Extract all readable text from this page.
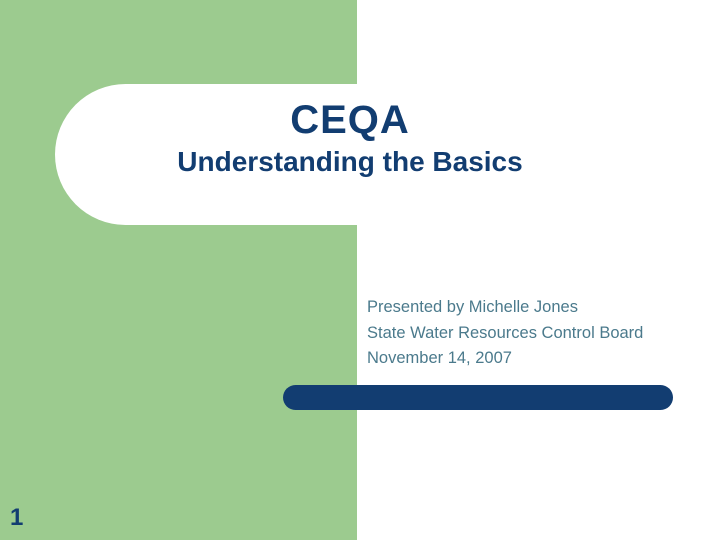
CEQA
Understanding the Basics
Presented by Michelle Jones
State Water Resources Control Board
November 14, 2007
1
